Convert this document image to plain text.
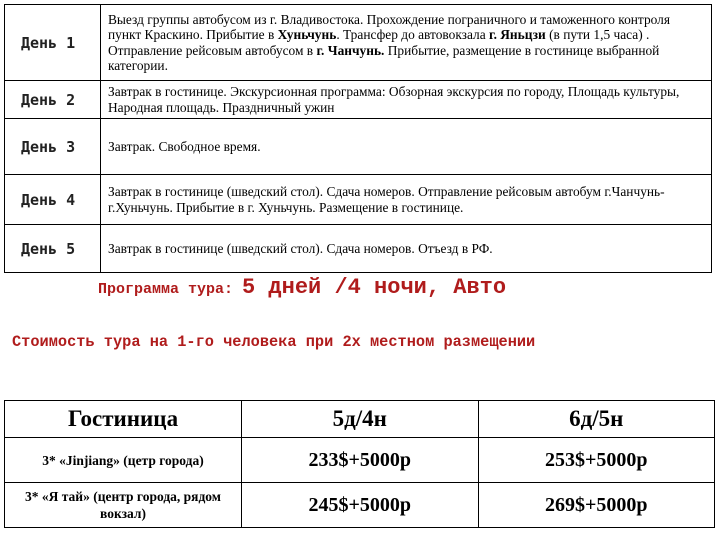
День 1	Выезд группы автобусом из г. Владивостока. Прохождение пограничного и таможенного контроля пункт Краскино. Прибытие в Хуньчунь. Трансфер до автовокзала г. Яньцзи (в пути 1,5 часа) . Отправление рейсовым автобусом в г. Чанчунь. Прибытие, размещение в гостинице выбранной категории.
День 2	Завтрак в гостинице. Экскурсионная программа: Обзорная экскурсия по городу, Площадь культуры, Народная площадь. Праздничный ужин
День 3	Завтрак. Свободное время.
День 4	Завтрак в гостинице (шведский стол). Сдача номеров. Отправление рейсовым автобум г.Чанчунь-г.Хуньчунь. Прибытие в г. Хуньчунь. Размещение в гостинице.
День 5	Завтрак в гостинице (шведский стол). Сдача номеров. Отъезд в РФ.
Программа тура: 5 дней /4 ночи, Авто
Стоимость тура на 1-го человека при 2х местном размещении
Гостиница	5д/4н	6д/5н
3* «Jinjiang» (цетр города)	233$+5000р	253$+5000р
3* «Я тай» (центр города, рядом вокзал)	245$+5000р	269$+5000р
